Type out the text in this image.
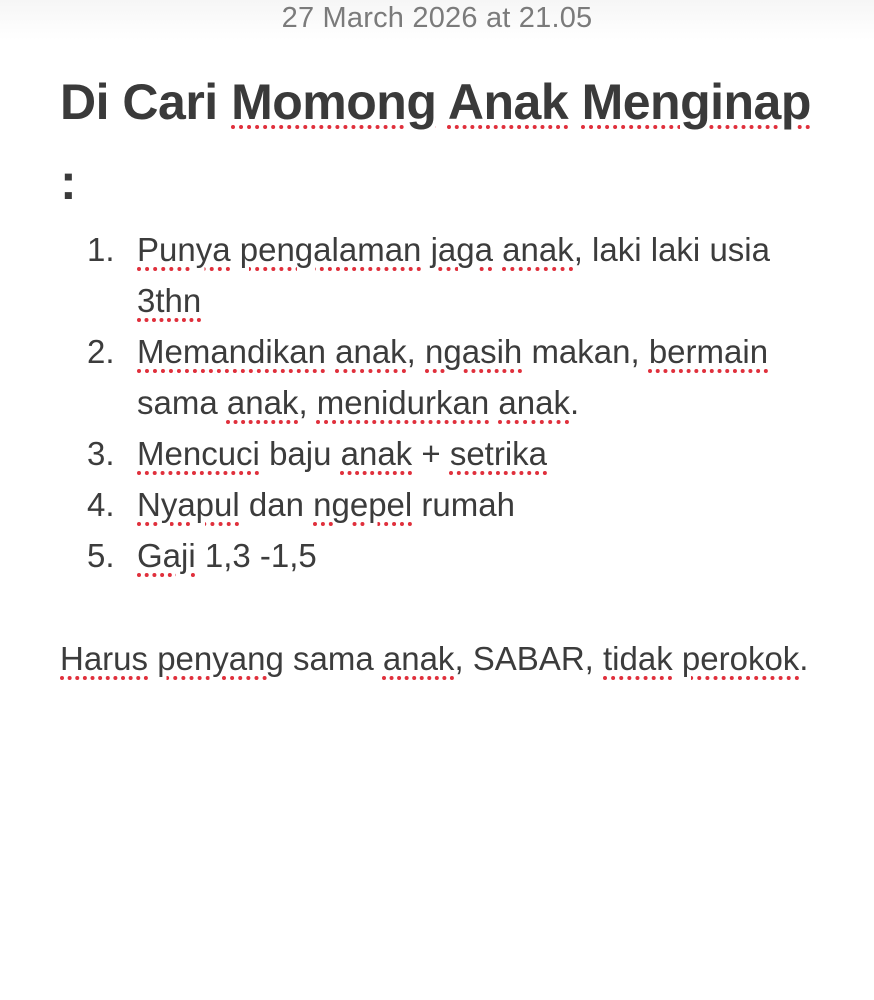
27 March 2026 at 21.05
Di Cari Momong Anak Menginap :
1. Punya pengalaman jaga anak, laki laki usia 3thn
2. Memandikan anak, ngasih makan, bermain sama anak, menidurkan anak.
3. Mencuci baju anak + setrika
4. Nyapul dan ngepel rumah
5. Gaji 1,3 -1,5
Harus penyang sama anak, SABAR, tidak perokok.
